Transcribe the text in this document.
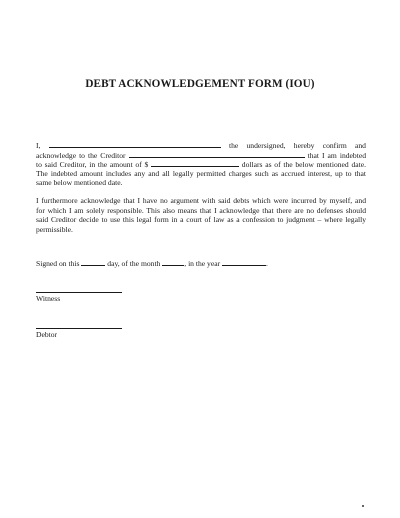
DEBT ACKNOWLEDGEMENT FORM (IOU)
I,	the undersigned, hereby confirm and
acknowledge to the Creditor	that I am indebted
to said Creditor, in the amount of $	dollars as of the below mentioned date.
The indebted amount includes any and all legally permitted charges such as accrued interest, up to that
same below mentioned date.
I furthermore acknowledge that I have no argument with said debts which were incurred by myself, and
for which I am solely responsible. This also means that I acknowledge that there are no defenses should
said Creditor decide to use this legal form in a court of law as a confession to judgment – where legally
permissible.
Signed on this	day, of the month	, in the year	.
Witness
Debtor
